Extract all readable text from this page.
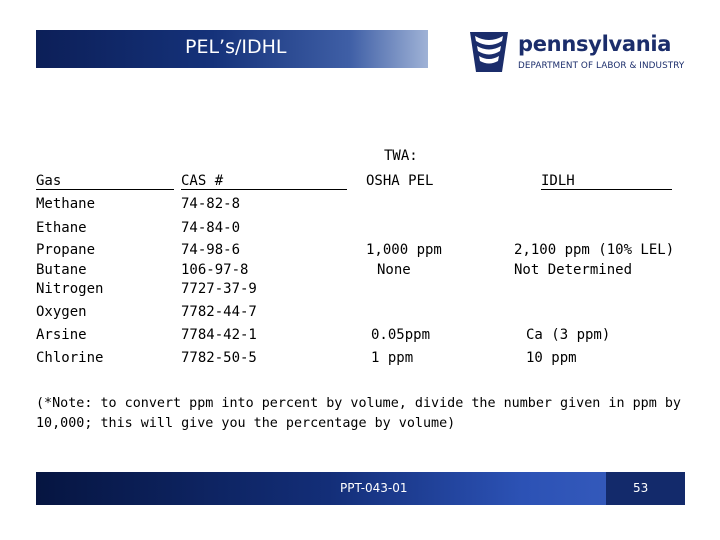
PEL’s/IDHL	pennsylvania
DEPARTMENT OF LABOR & INDUSTRY
TWA:
Gas	CAS #	OSHA PEL	IDLH
Methane	74-82-8
Ethane	74-84-0
Propane	74-98-6	1,000 ppm	2,100 ppm (10% LEL)
Butane	106-97-8	None	Not Determined
Nitrogen	7727-37-9
Oxygen	7782-44-7
Arsine	7784-42-1	0.05ppm	Ca (3 ppm)
Chlorine	7782-50-5	1 ppm	10 ppm
(*Note: to convert ppm into percent by volume, divide the number given in ppm by 10,000; this will give you the percentage by volume)
PPT-043-01	53
